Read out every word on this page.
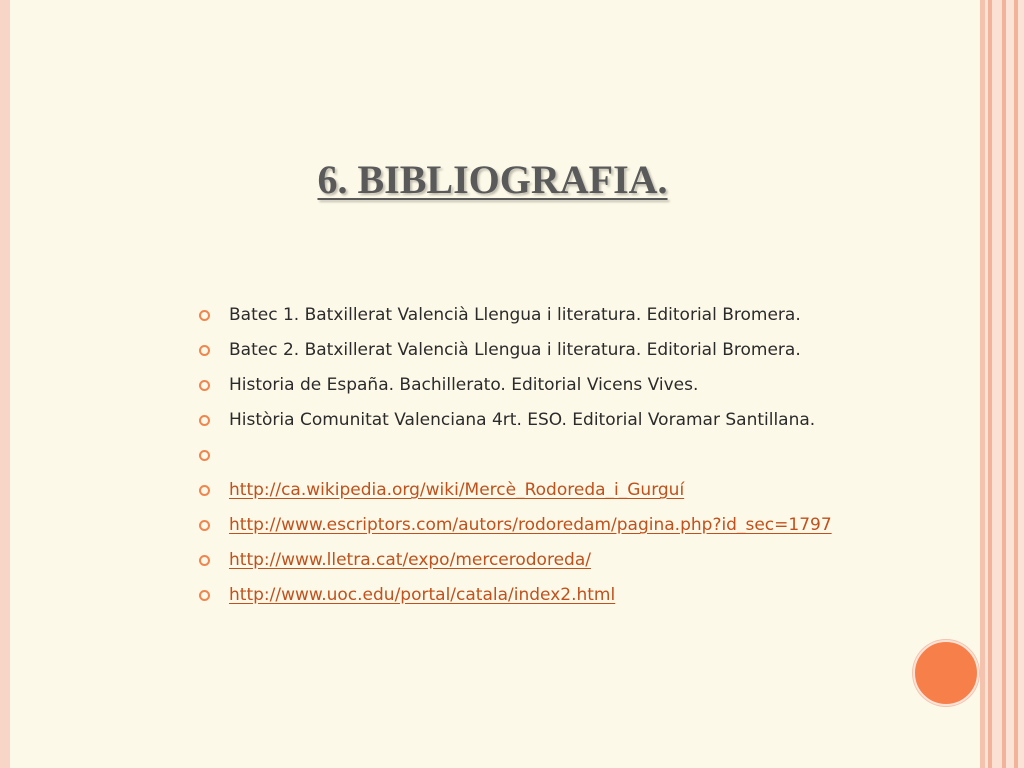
6. BIBLIOGRAFIA.
Batec 1. Batxillerat Valencià Llengua i literatura. Editorial Bromera.
Batec 2. Batxillerat Valencià Llengua i literatura. Editorial Bromera.
Historia de España. Bachillerato. Editorial Vicens Vives.
Història Comunitat Valenciana 4rt. ESO. Editorial Voramar Santillana.
http://ca.wikipedia.org/wiki/Mercè_Rodoreda_i_Gurguí
http://www.escriptors.com/autors/rodoredam/pagina.php?id_sec=1797
http://www.lletra.cat/expo/mercerodoreda/
http://www.uoc.edu/portal/catala/index2.html
